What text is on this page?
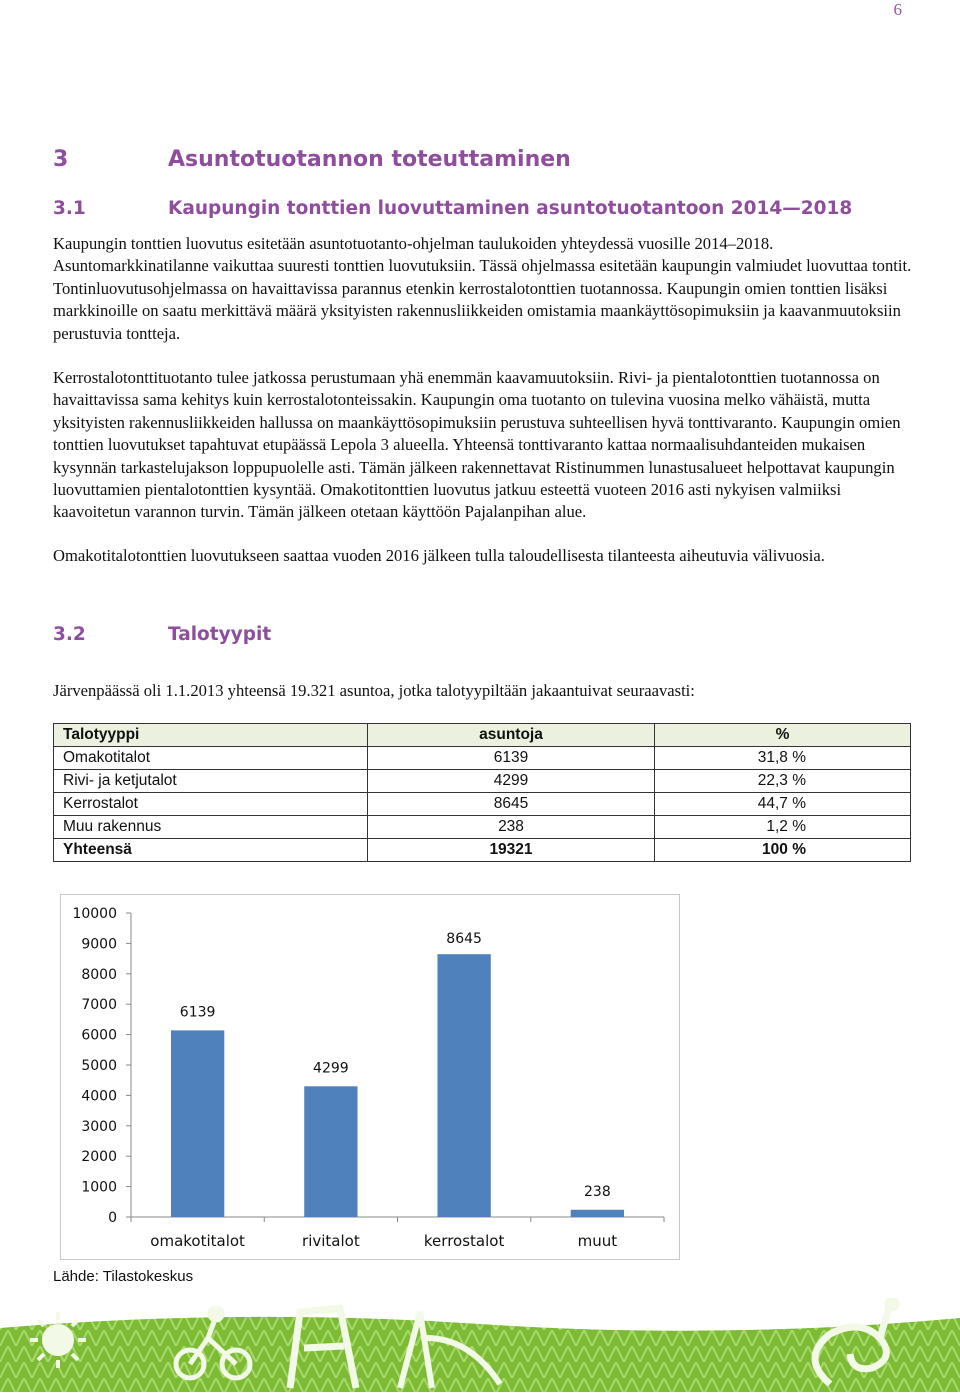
6
3	Asuntotuotannon toteuttaminen
3.1	Kaupungin tonttien luovuttaminen asuntotuotantoon 2014—2018

Kaupungin tonttien luovutus esitetään asuntotuotanto-ohjelman taulukoiden yhteydessä vuosille 2014–2018. Asuntomarkkinatilanne vaikuttaa suuresti tonttien luovutuksiin. Tässä ohjelmassa esitetään kaupungin valmiudet luovuttaa tontit. Tontinluovutusohjelmassa on havaittavissa parannus etenkin kerrostalotonttien tuotannossa. Kaupungin omien tonttien lisäksi markkinoille on saatu merkittävä määrä yksityisten rakennusliikkeiden omistamia maankäyttösopimuksiin ja kaavanmuutoksiin perustuvia tontteja.

Kerrostalotonttituotanto tulee jatkossa perustumaan yhä enemmän kaavamuutoksiin. Rivi- ja pientalotonttien tuotannossa on havaittavissa sama kehitys kuin kerrostalotonteissakin. Kaupungin oma tuotanto on tulevina vuosina melko vähäistä, mutta yksityisten rakennusliikkeiden hallussa on maankäyttösopimuksiin perustuva suhteellisen hyvä tonttivaranto. Kaupungin omien tonttien luovutukset tapahtuvat etupäässä Lepola 3 alueella. Yhteensä tonttivaranto kattaa normaalisuhdanteiden mukaisen kysynnän tarkastelujakson loppupuolelle asti. Tämän jälkeen rakennettavat Ristinummen lunastusalueet helpottavat kaupungin luovuttamien pientalotonttien kysyntää. Omakotitonttien luovutus jatkuu esteettä vuoteen 2016 asti nykyisen valmiiksi kaavoitetun varannon turvin. Tämän jälkeen otetaan käyttöön Pajalanpihan alue.

Omakotitalotonttien luovutukseen saattaa vuoden 2016 jälkeen tulla taloudellisesta tilanteesta aiheutuvia välivuosia.

3.2	Talotyypit

Järvenpäässä oli 1.1.2013 yhteensä 19.321 asuntoa, jotka talotyypiltään jakaantuivat seuraavasti:

Talotyyppi	asuntoja	%
Omakotitalot	6139	31,8 %
Rivi- ja ketjutalot	4299	22,3 %
Kerrostalot	8645	44,7 %
Muu rakennus	238	1,2 %
Yhteensä	19321	100 %
0
1000
2000
3000
4000
5000
6000
7000
8000
9000
10000
6139
omakotitalot
4299
rivitalot
8645
kerrostalot
238
muut
Lähde: Tilastokeskus
